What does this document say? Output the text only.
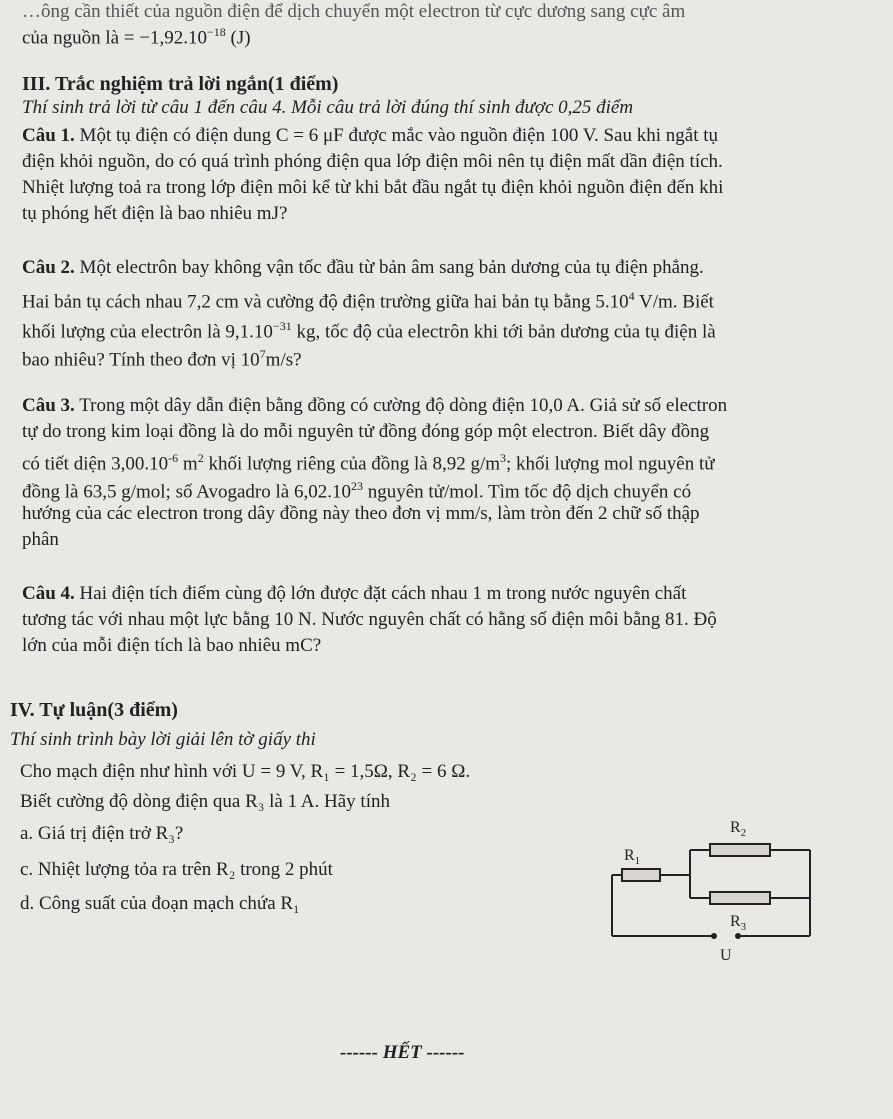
…ông cần thiết của nguồn điện để dịch chuyển một electron từ cực dương sang cực âm
của nguồn là = $-1,92.10^{-18}$ (J)
III. Trắc nghiệm trả lời ngắn(1 điểm)
Thí sinh trả lời từ câu 1 đến câu 4. Mỗi câu trả lời đúng thí sinh được 0,25 điểm
Câu 1. Một tụ điện có điện dung C = 6 μF được mắc vào nguồn điện 100 V. Sau khi ngắt tụ
điện khỏi nguồn, do có quá trình phóng điện qua lớp điện môi nên tụ điện mất dần điện tích.
Nhiệt lượng toả ra trong lớp điện môi kể từ khi bắt đầu ngắt tụ điện khỏi nguồn điện đến khi
tụ phóng hết điện là bao nhiêu mJ?
Câu 2. Một electrôn bay không vận tốc đầu từ bản âm sang bản dương của tụ điện phẳng.
Hai bản tụ cách nhau 7,2 cm và cường độ điện trường giữa hai bản tụ bằng 5.10$^4$ V/m. Biết
khối lượng của electrôn là $9,1.10^{-31}$ kg, tốc độ của electrôn khi tới bản dương của tụ điện là
bao nhiêu? Tính theo đơn vị $10^7m/s$?
Câu 3. Trong một dây dẫn điện bằng đồng có cường độ dòng điện 10,0 A. Giả sử số electron
tự do trong kim loại đồng là do mỗi nguyên tử đồng đóng góp một electron. Biết dây đồng
có tiết diện $3,00.10^{-6}$ $m^2$ khối lượng riêng của đồng là 8,92 $g/m^3$; khối lượng mol nguyên tử
đồng là 63,5 g/mol; số Avogadro là 6,02.10$^{23}$ nguyên tử/mol. Tìm tốc độ dịch chuyển có
hướng của các electron trong dây đồng này theo đơn vị mm/s, làm tròn đến 2 chữ số thập
phân
Câu 4. Hai điện tích điểm cùng độ lớn được đặt cách nhau 1 m trong nước nguyên chất
tương tác với nhau một lực bằng 10 N. Nước nguyên chất có hằng số điện môi bằng 81. Độ
lớn của mỗi điện tích là bao nhiêu mC?
IV. Tự luận(3 điểm)
Thí sinh trình bày lời giải lên tờ giấy thi
Cho mạch điện như hình với U = 9 V, R₁ = 1,5Ω, R₂ = 6 Ω.
Biết cường độ dòng điện qua R₃ là 1 A. Hãy tính
a. Giá trị điện trở R₃?
c. Nhiệt lượng tỏa ra trên R₂ trong 2 phút
d. Công suất của đoạn mạch chứa R₁
$R_1$
$R_2$
$R_3$
U
------ HẾT ------
